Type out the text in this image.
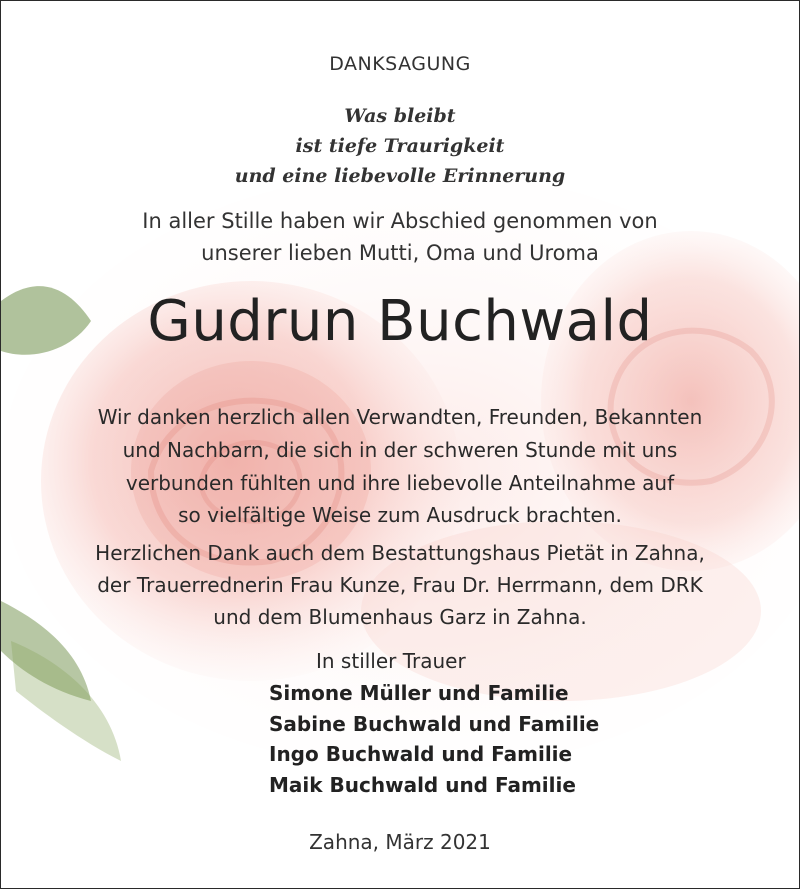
DANKSAGUNG
Was bleibt
ist tiefe Traurigkeit
und eine liebevolle Erinnerung
In aller Stille haben wir Abschied genommen von
unserer lieben Mutti, Oma und Uroma
Gudrun Buchwald
Wir danken herzlich allen Verwandten, Freunden, Bekannten
und Nachbarn, die sich in der schweren Stunde mit uns
verbunden fühlten und ihre liebevolle Anteilnahme auf
so vielfältige Weise zum Ausdruck brachten.
Herzlichen Dank auch dem Bestattungshaus Pietät in Zahna,
der Trauerrednerin Frau Kunze, Frau Dr. Herrmann, dem DRK
und dem Blumenhaus Garz in Zahna.
In stiller Trauer
Simone Müller und Familie
Sabine Buchwald und Familie
Ingo Buchwald und Familie
Maik Buchwald und Familie
Zahna, März 2021
